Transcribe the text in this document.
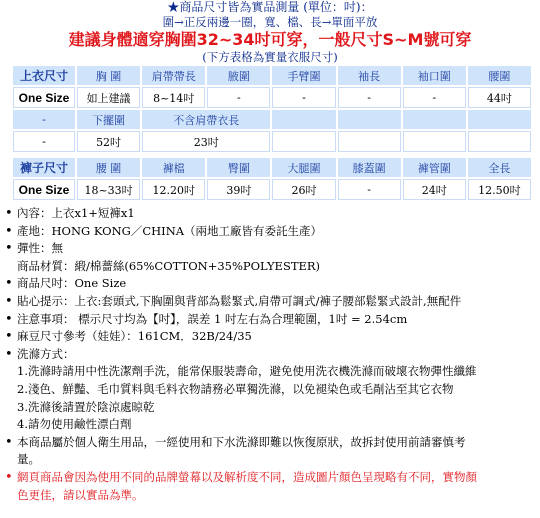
★商品尺寸皆為實品測量 (單位：吋)：
圍→正反兩邊一圈，寬、檔、長→單面平放
建議身體適穿胸圍32~34吋可穿，一般尺寸S~M號可穿
(下方表格為實量衣服尺寸)
上衣尺寸	胸 圍	肩帶帶長	腋圍	手臂圍	袖長	袖口圍	腰圍
One Size	如上建議	8~14吋	-	-	-	-	44吋
-	下擺圍	不含肩帶衣長					
-	52吋	23吋					

褲子尺寸	腰 圍	褲檔	臀圍	大腿圍	膝蓋圍	褲管圍	全長
One Size	18~33吋	12.20吋	39吋	26吋	-	24吋	12.50吋
• 內容：上衣x1+短褲x1
• 產地：HONG KONG／CHINA（兩地工廠皆有委託生產）
• 彈性：無
商品材質：緞/棉薔絲(65%COTTON+35%POLYESTER)
• 商品尺吋：One Size
• 貼心提示：上衣:套頭式,下胸圍與背部為鬆緊式,肩帶可調式/褲子腰部鬆緊式設計,無配件
• 注意事項： 標示尺寸均為【吋】，誤差 1 吋左右為合理範圍，1吋 = 2.54cm
• 麻豆尺寸參考（娃娃）：161CM．32B/24/35
• 洗滌方式：
1.洗滌時請用中性洗潔劑手洗，能常保服裝壽命，避免使用洗衣機洗滌而破壞衣物彈性纖維
2.淺色、鮮豔、毛巾質料與毛料衣物請務必單獨洗滌，以免褪染色或毛剮沾至其它衣物
3.洗滌後請置於陰涼處晾乾
4.請勿使用鹼性漂白劑
• 本商品屬於個人衛生用品，一經使用和下水洗滌即難以恢復原狀，故拆封使用前請審慎考
量。
• 網頁商品會因為使用不同的品牌螢幕以及解析度不同，造成圖片顏色呈現略有不同，實物顏
色更佳，請以實品為準。
